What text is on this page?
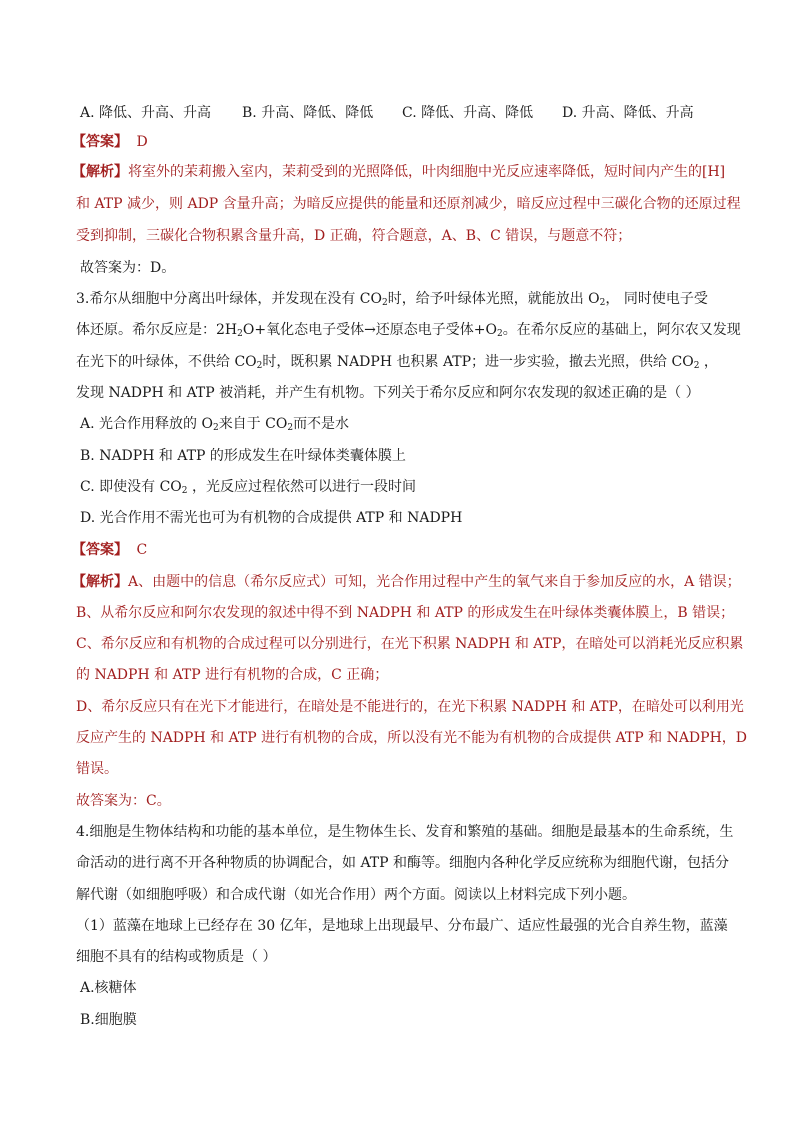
A. 降低、升高、升高 B. 升高、降低、降低 C. 降低、升高、降低 D. 升高、降低、升高
【答案】 D
【解析】将室外的茉莉搬入室内，茉莉受到的光照降低，叶肉细胞中光反应速率降低，短时间内产生的[H]
和 ATP 减少，则 ADP 含量升高；为暗反应提供的能量和还原剂减少，暗反应过程中三碳化合物的还原过程
受到抑制，三碳化合物积累含量升高，D 正确，符合题意，A、B、C 错误，与题意不符；
故答案为：D。
3.希尔从细胞中分离出叶绿体，并发现在没有 $CO_2$时，给予叶绿体光照，就能放出 $O_2$， 同时使电子受
体还原。希尔反应是：$2H_2O+$氧化态电子受体→还原态电子受体$+O_2$。在希尔反应的基础上，阿尔农又发现
在光下的叶绿体，不供给 $CO_2$时，既积累 NADPH 也积累 ATP；进一步实验，撤去光照，供给 $CO_2$ ，
发现 NADPH 和 ATP 被消耗，并产生有机物。下列关于希尔反应和阿尔农发现的叙述正确的是（ ）
A. 光合作用释放的 $O_2$来自于 $CO_2$而不是水
B. NADPH 和 ATP 的形成发生在叶绿体类囊体膜上
C. 即使没有 $CO_2$ ，光反应过程依然可以进行一段时间
D. 光合作用不需光也可为有机物的合成提供 ATP 和 NADPH
【答案】 C
【解析】A、由题中的信息（希尔反应式）可知，光合作用过程中产生的氧气来自于参加反应的水，A 错误；
B、从希尔反应和阿尔农发现的叙述中得不到 NADPH 和 ATP 的形成发生在叶绿体类囊体膜上，B 错误；
C、希尔反应和有机物的合成过程可以分别进行，在光下积累 NADPH 和 ATP，在暗处可以消耗光反应积累
的 NADPH 和 ATP 进行有机物的合成，C 正确；
D、希尔反应只有在光下才能进行，在暗处是不能进行的，在光下积累 NADPH 和 ATP，在暗处可以利用光
反应产生的 NADPH 和 ATP 进行有机物的合成，所以没有光不能为有机物的合成提供 ATP 和 NADPH，D
错误。
故答案为：C。
4.细胞是生物体结构和功能的基本单位，是生物体生长、发育和繁殖的基础。细胞是最基本的生命系统，生
命活动的进行离不开各种物质的协调配合，如 ATP 和酶等。细胞内各种化学反应统称为细胞代谢，包括分
解代谢（如细胞呼吸）和合成代谢（如光合作用）两个方面。阅读以上材料完成下列小题。
（1）蓝藻在地球上已经存在 30 亿年，是地球上出现最早、分布最广、适应性最强的光合自养生物，蓝藻
细胞不具有的结构或物质是（ ）
A.核糖体
B.细胞膜
